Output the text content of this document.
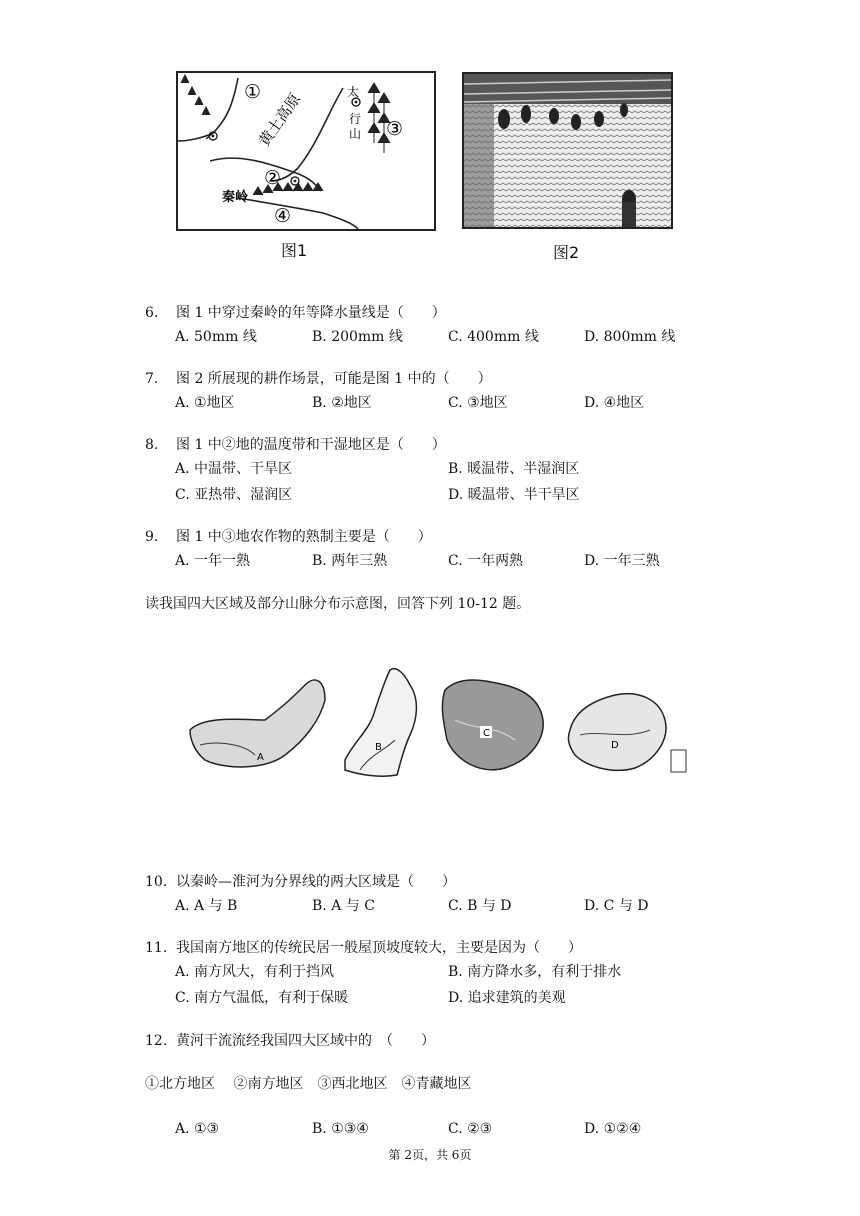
①
②
③
④
黄土高原	太
行
山
秦岭
图1	图2
6. 图 1 中穿过秦岭的年等降水量线是（　　）
A. 50mm 线	B. 200mm 线	C. 400mm 线	D. 800mm 线
7. 图 2 所展现的耕作场景，可能是图 1 中的（　　）
A. ①地区	B. ②地区	C. ③地区	D. ④地区
8. 图 1 中②地的温度带和干湿地区是（　　）
A. 中温带、干旱区	B. 暖温带、半湿润区
C. 亚热带、湿润区	D. 暖温带、半干旱区
9. 图 1 中③地农作物的熟制主要是（　　）
A. 一年一熟	B. 两年三熟	C. 一年两熟	D. 一年三熟
读我国四大区域及部分山脉分布示意图，回答下列 10-12 题。
A
B
C
D
10. 以秦岭—淮河为分界线的两大区域是（　　）
A. A 与 B	B. A 与 C	C. B 与 D	D. C 与 D
11. 我国南方地区的传统民居一般屋顶坡度较大，主要是因为（　　）
A. 南方风大，有利于挡风	B. 南方降水多，有利于排水
C. 南方气温低，有利于保暖	D. 追求建筑的美观
12. 黄河干流流经我国四大区域中的　（　　）
①北方地区　 ②南方地区　③西北地区　④青藏地区
A. ①③	B. ①③④	C. ②③	D. ①②④
第 2页，共 6页
